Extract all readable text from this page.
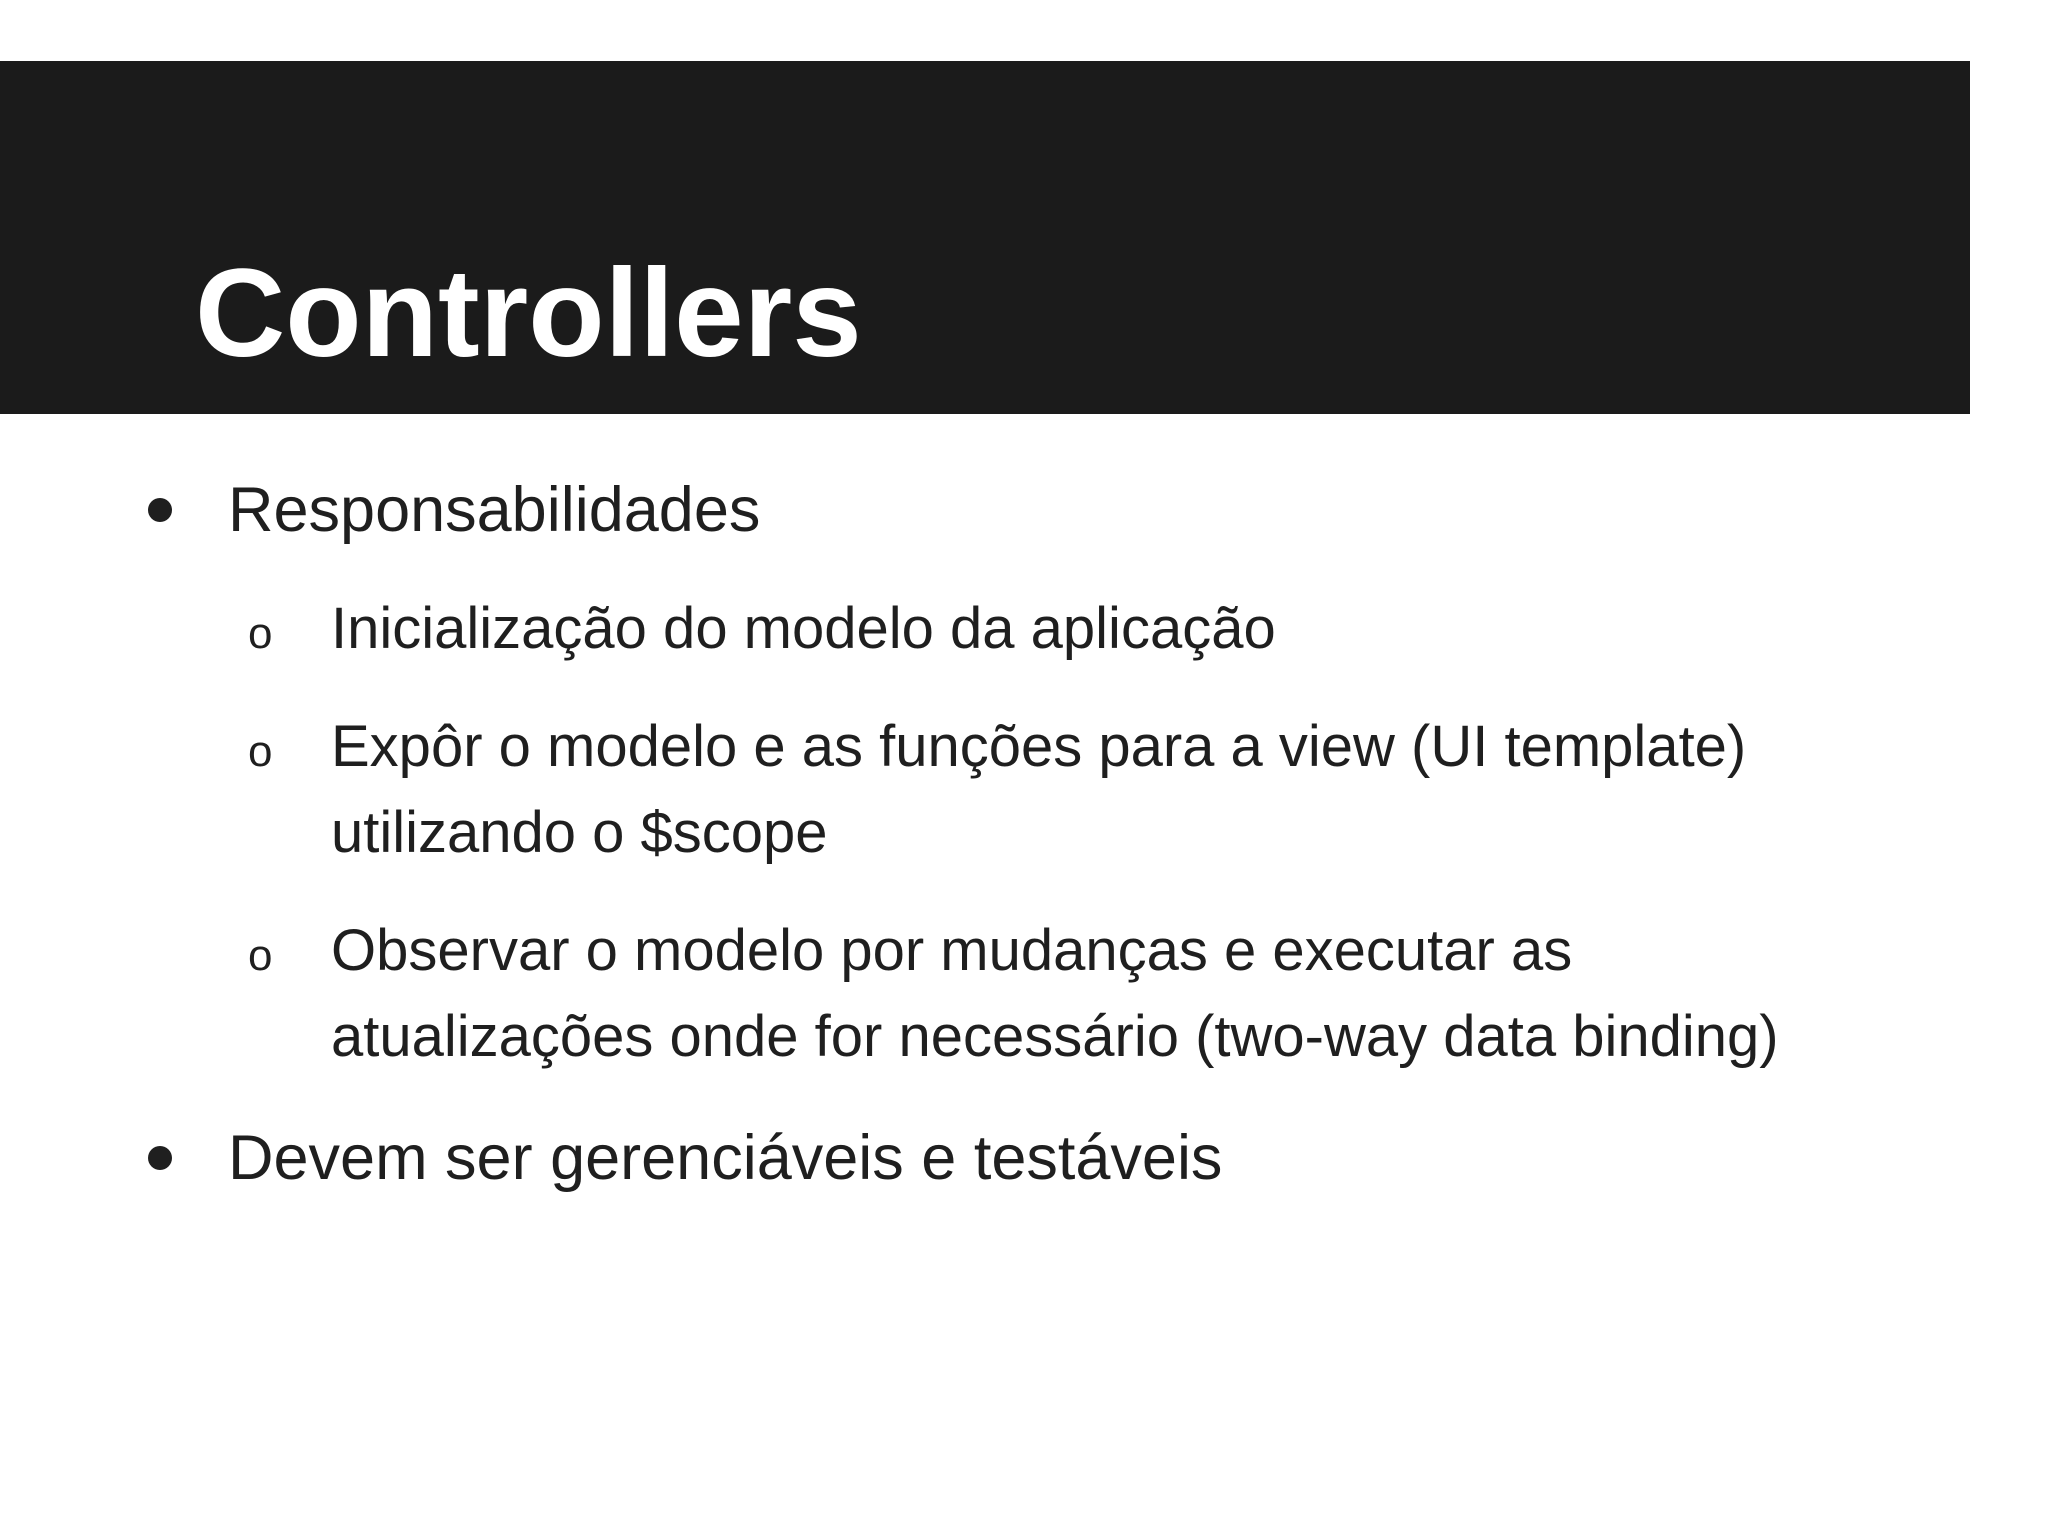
Controllers
Responsabilidades
o Inicialização do modelo da aplicação
o Expôr o modelo e as funções para a view (UI template)
utilizando o $scope
o Observar o modelo por mudanças e executar as
atualizações onde for necessário (two-way data binding)
Devem ser gerenciáveis e testáveis
